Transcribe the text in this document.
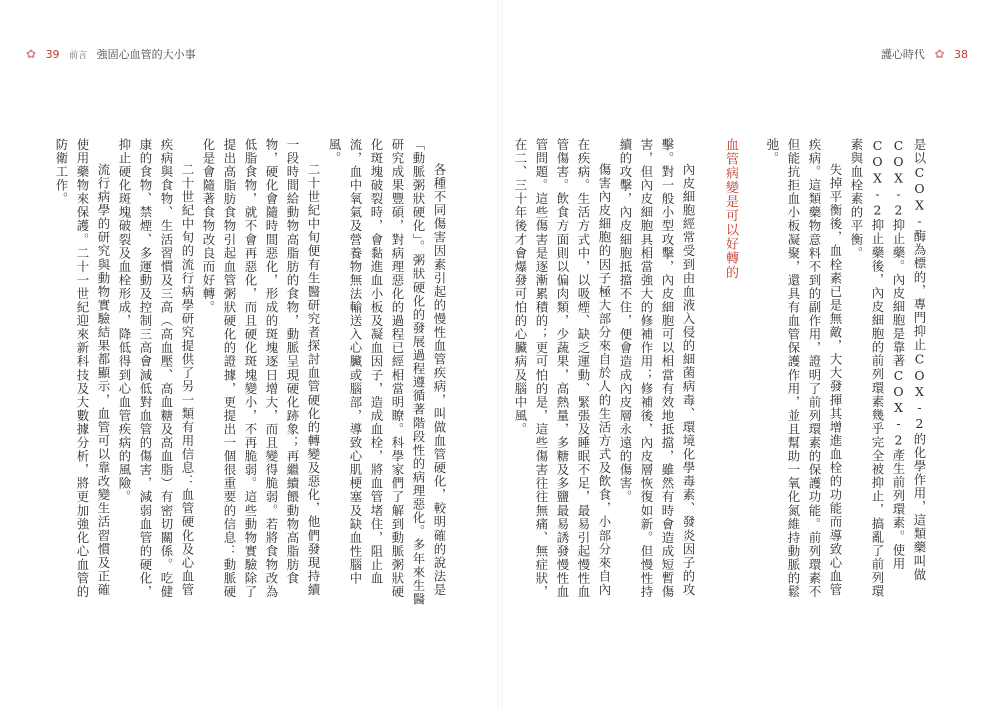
✿ 39 前言 強固心血管的大小事

各種不同傷害因素引起的慢性血管疾病，叫做血管硬化，較明確的說法是「動脈粥狀硬化」。粥狀硬化的發展過程遵循著階段性的病理惡化。多年來生醫研究成果豐碩，對病理惡化的過程已經相當明瞭。科學家們了解到動脈粥狀硬化斑塊破裂時，會黏進血小板及凝血因子，造成血栓，將血管堵住，阻止血流，血中氧氣及營養物無法輸送入心臟或腦部，導致心肌梗塞及缺血性腦中風。

二十世紀中旬便有生醫研究者探討血管硬化的轉變及惡化，他們發現持續一段時間給動物高脂肪的食物，動脈呈現硬化跡象；再繼續餵動物高脂肪食物，硬化會隨時間惡化，形成的斑塊逐日增大，而且變得脆弱。若將食物改為低脂食物，就不會再惡化，而且硬化斑塊變小，不再脆弱。這些動物實驗除了提出高脂肪食物引起血管粥狀硬化的證據，更提出一個很重要的信息：動脈硬化是會隨著食物改良而好轉。

二十世紀中旬的流行病學研究提供了另一類有用信息：血管硬化及心血管疾病與食物、生活習慣及三高（高血壓、高血糖及高血脂）有密切關係。吃健康的食物、禁煙、多運動及控制三高會減低對血管的傷害，減弱血管的硬化，抑止硬化斑塊破裂及血栓形成，降低得到心血管疾病的風險。

流行病學的研究與動物實驗結果都顯示，血管可以靠改變生活習慣及正確使用藥物來保護。二十一世紀迎來新科技及大數據分析，將更加強化心血管的防衛工作。

護心時代 ✿ 38

是以COX-酶為標的，專門抑止COX-2的化學作用，這類藥叫做COX-2抑止藥。內皮細胞是靠著COX-2產生前列環素。使用COX-2抑止藥後，內皮細胞的前列環素幾乎完全被抑止，搞亂了前列環素與血栓素的平衡。

失掉平衡後，血栓素已是無敵，大大發揮其增進血栓的功能而導致心血管疾病。這類藥物意料不到的副作用，證明了前列環素的保護功能。前列環素不但能抗拒血小板凝聚，還具有血管保護作用，並且幫助一氧化氮維持動脈的鬆弛。

血管病變是可以好轉的

內皮細胞經常受到由血液入侵的細菌病毒、環境化學毒素、發炎因子的攻擊。對一般小型攻擊，內皮細胞可以相當有效地抵擋，雖然有時會造成短暫傷害，但內皮細胞具相當強大的修補作用；修補後，內皮層恢復如新。但慢性持續的攻擊，內皮細胞抵擋不住，便會造成內皮層永遠的傷害。

傷害內皮細胞的因子極大部分來自於人的生活方式及飲食，小部分來自內在疾病。生活方式中，以吸煙、缺乏運動、緊張及睡眠不足，最易引起慢性血管傷害。飲食方面則以偏肉類，少蔬果，高熱量，多糖及多鹽最易誘發慢性血管問題。這些傷害是逐漸累積的；更可怕的是，這些傷害往往無痛、無症狀，在二、三十年後才會爆發可怕的心臟病及腦中風。
